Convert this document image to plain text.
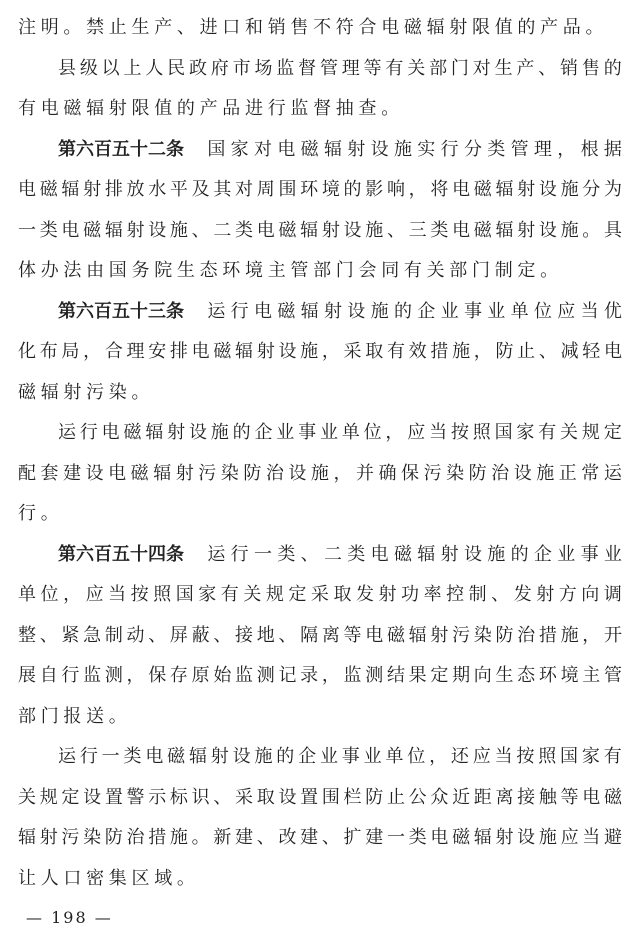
注明。禁止生产、进口和销售不符合电磁辐射限值的产品。
县 级 以 上 人 民 政 府 市 场 监 督 管 理 等 有 关 部 门 对 生 产 、 销 售 的
有电磁辐射限值的产品进行监督抽查。
第六百五十二条 国 家 对 电 磁 辐 射 设 施 实 行 分 类 管 理 ， 根 据
电 磁 辐 射 排 放 水 平 及 其 对 周 围 环 境 的 影 响 ， 将 电 磁 辐 射 设 施 分 为
一 类 电 磁 辐 射 设 施 、 二 类 电 磁 辐 射 设 施 、 三 类 电 磁 辐 射 设 施 。 具
体办法由国务院生态环境主管部门会同有关部门制定。
第六百五十三条 运 行 电 磁 辐 射 设 施 的 企 业 事 业 单 位 应 当 优
化 布 局 ， 合 理 安 排 电 磁 辐 射 设 施 ， 采 取 有 效 措 施 ， 防 止 、 减 轻 电
磁辐射污染。
运 行 电 磁 辐 射 设 施 的 企 业 事 业 单 位 ， 应 当 按 照 国 家 有 关 规 定
配 套 建 设 电 磁 辐 射 污 染 防 治 设 施 ， 并 确 保 污 染 防 治 设 施 正 常 运
行。
第六百五十四条 运 行 一 类 、 二 类 电 磁 辐 射 设 施 的 企 业 事 业
单 位 ， 应 当 按 照 国 家 有 关 规 定 采 取 发 射 功 率 控 制 、 发 射 方 向 调
整 、 紧 急 制 动 、 屏 蔽 、 接 地 、 隔 离 等 电 磁 辐 射 污 染 防 治 措 施 ， 开
展 自 行 监 测 ， 保 存 原 始 监 测 记 录 ， 监 测 结 果 定 期 向 生 态 环 境 主 管
部门报送。
运 行 一 类 电 磁 辐 射 设 施 的 企 业 事 业 单 位 ， 还 应 当 按 照 国 家 有
关 规 定 设 置 警 示 标 识 、 采 取 设 置 围 栏 防 止 公 众 近 距 离 接 触 等 电 磁
辐 射 污 染 防 治 措 施 。 新 建 、 改 建 、 扩 建 一 类 电 磁 辐 射 设 施 应 当 避
让人口密集区域。
— 198 —
